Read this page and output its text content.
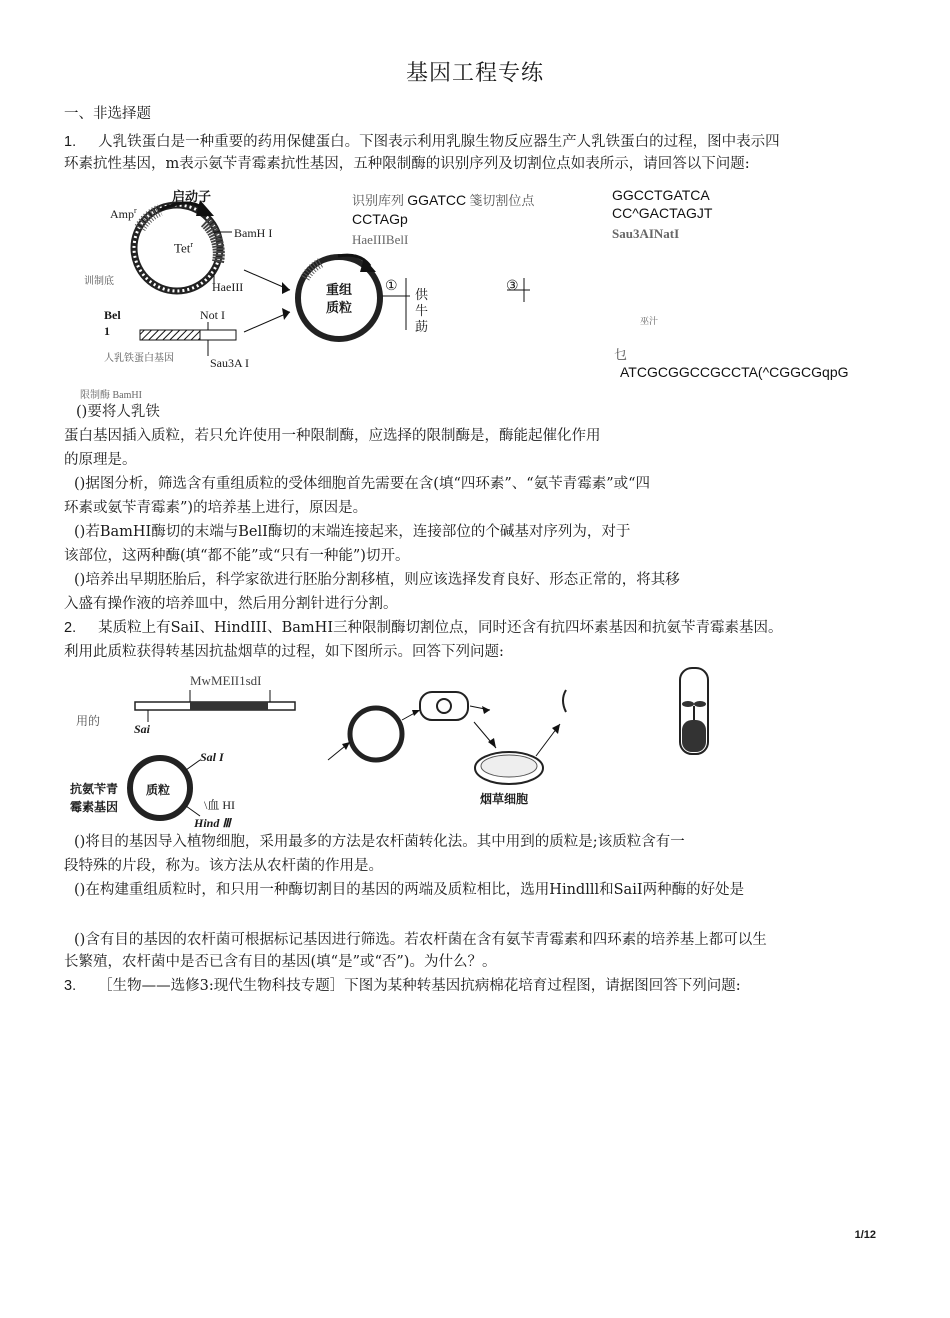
基因工程专练
一、非选择题
1. 人乳铁蛋白是一种重要的药用保健蛋白。下图表示利用乳腺生物反应器生产人乳铁蛋白的过程，图中表示四
环素抗性基因，m表示氨苄青霉素抗性基因，五种限制酶的识别序列及切割位点如表所示，请回答以下问题:
启动子
Amp$^r$
Tet$^r$
BamH I
HaeIII
Not I
Bel
1
Sau3A I
人乳铁蛋白基因
训制底
限制酶 BamHI
重组
质粒
①	③
供
牛
莇
识别库列 GGATCC 箋切割位点
CCTAGp
HaeIIIBelI
GGCCTGATCA
CC^GACTAGJT
Sau3AINatI
巫汁
乜
ATCGCGGCCGCCTA(^CGGCGqpG
()要将人乳铁
蛋白基因插入质粒，若只允许使用一种限制酶，应选择的限制酶是，酶能起催化作用
的原理是。
()据图分析，筛选含有重组质粒的受体细胞首先需要在含(填“四环素”、“氨苄青霉素”或“四
环素或氨苄青霉素”)的培养基上进行，原因是。
()若BamHI酶切的末端与BelI酶切的末端连接起来，连接部位的个碱基对序列为，对于
该部位，这两种酶(填“都不能”或“只有一种能”)切开。
()培养出早期胚胎后，科学家欲进行胚胎分割移植，则应该选择发育良好、形态正常的，将其移
入盛有操作液的培养皿中，然后用分割针进行分割。
2. 某质粒上有SaiI、HindIII、BamHI三种限制酶切割位点，同时还含有抗四坏素基因和抗氨苄青霉素基因。
利用此质粒获得转基因抗盐烟草的过程，如下图所示。回答下列问题:
MwMEII1sdI
用的
Sai
Sal I
抗氨苄青
霉素基因
质粒
\血 HI
Hind Ⅲ
烟草细胞
()将目的基因导入植物细胞，采用最多的方法是农杆菌转化法。其中用到的质粒是;该质粒含有一
段特殊的片段，称为。该方法从农杆菌的作用是。
()在构建重组质粒时，和只用一种酶切割目的基因的两端及质粒相比，选用Hindlll和SaiI两种酶的好处是
()含有目的基因的农杆菌可根据标记基因进行筛选。若农杆菌在含有氨苄青霉素和四环素的培养基上都可以生
长繁殖，农杆菌中是否已含有目的基因(填“是”或“否”)。为什么？。
3. ［生物——选修3:现代生物科技专题］下图为某种转基因抗病棉花培育过程图，请据图回答下列问题:
1/12
